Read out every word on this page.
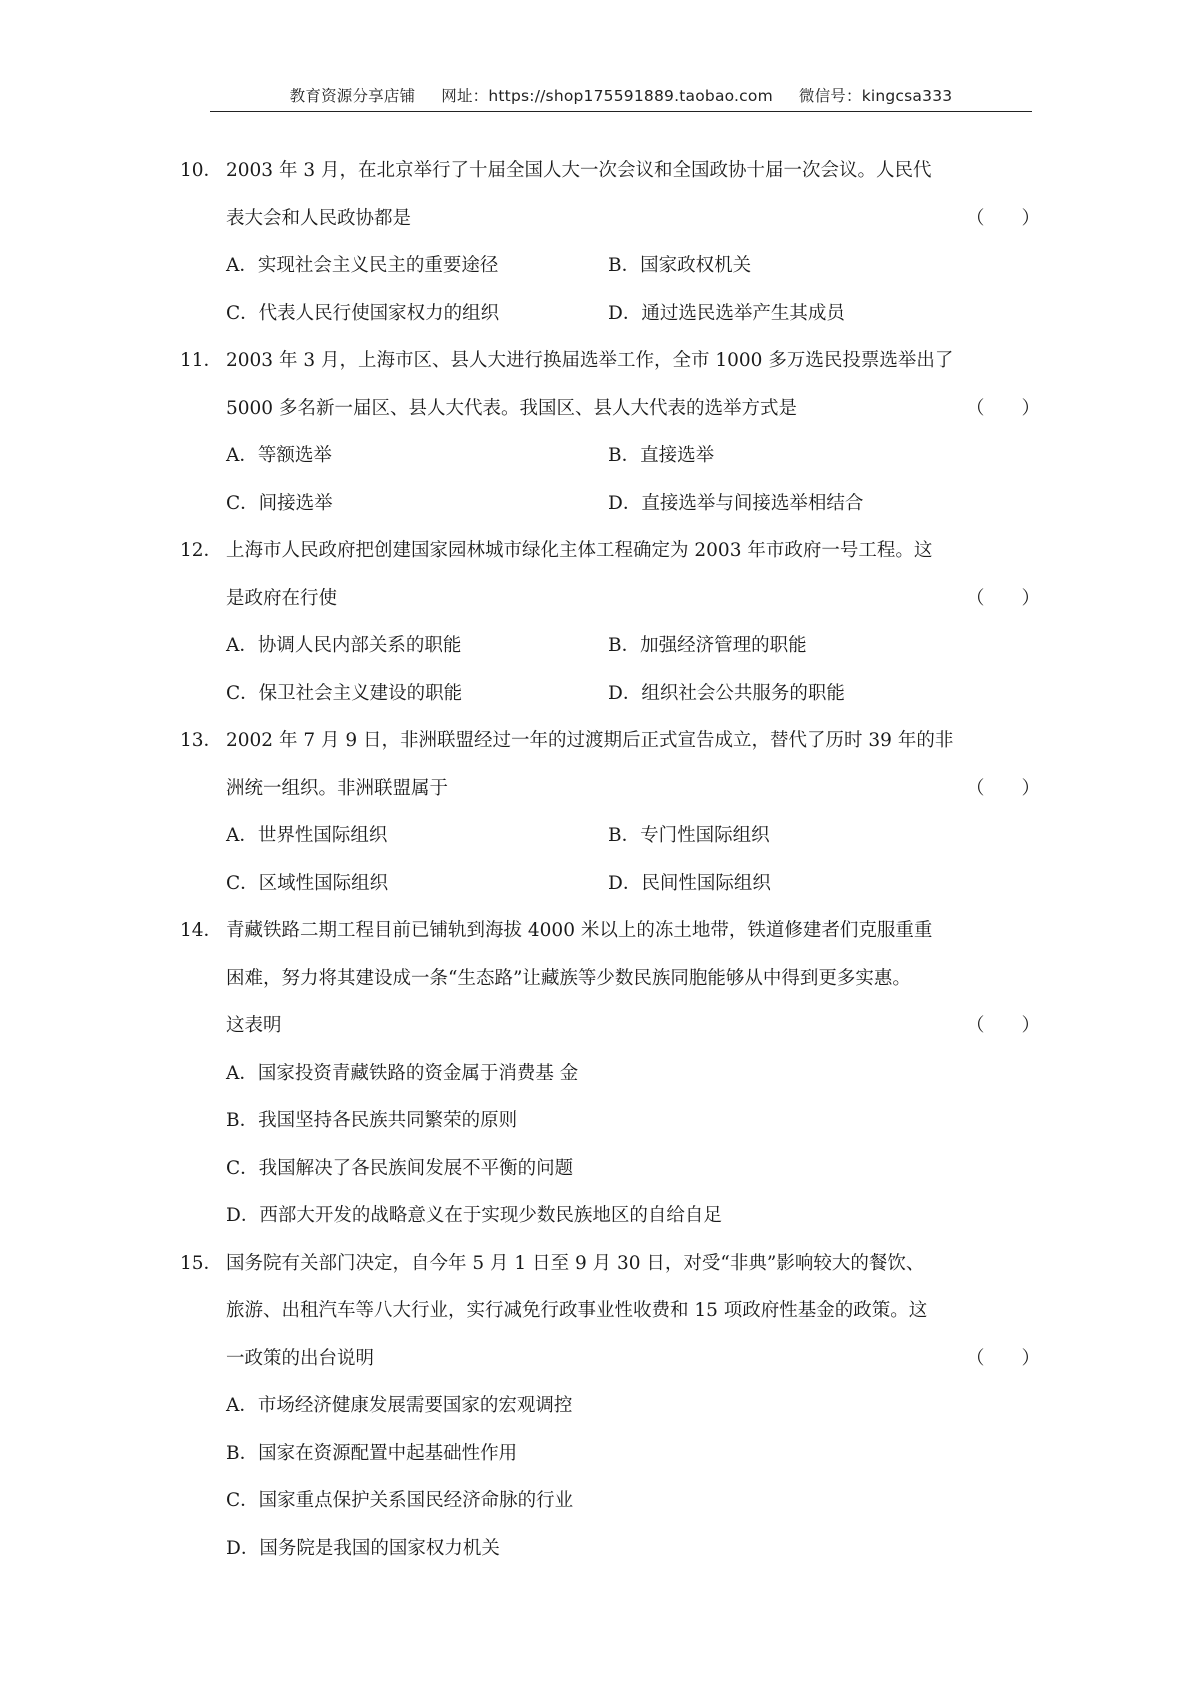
教育资源分享店铺 网址：https://shop175591889.taobao.com 微信号：kingcsa333
10． 2003 年 3 月，在北京举行了十届全国人大一次会议和全国政协十届一次会议。人民代
表大会和人民政协都是	（　　）
A．实现社会主义民主的重要途径	B．国家政权机关
C．代表人民行使国家权力的组织	D．通过选民选举产生其成员
11． 2003 年 3 月，上海市区、县人大进行换届选举工作，全市 1000 多万选民投票选举出了
5000 多名新一届区、县人大代表。我国区、县人大代表的选举方式是	（　　）
A．等额选举	B．直接选举
C．间接选举	D．直接选举与间接选举相结合
12． 上海市人民政府把创建国家园林城市绿化主体工程确定为 2003 年市政府一号工程。这
是政府在行使	（　　）
A．协调人民内部关系的职能	B．加强经济管理的职能
C．保卫社会主义建设的职能	D．组织社会公共服务的职能
13． 2002 年 7 月 9 日，非洲联盟经过一年的过渡期后正式宣告成立，替代了历时 39 年的非
洲统一组织。非洲联盟属于	（　　）
A．世界性国际组织	B．专门性国际组织
C．区域性国际组织	D．民间性国际组织
14． 青藏铁路二期工程目前已铺轨到海拔 4000 米以上的冻土地带，铁道修建者们克服重重
困难，努力将其建设成一条“生态路”让藏族等少数民族同胞能够从中得到更多实惠。
这表明	（　　）
A．国家投资青藏铁路的资金属于消费基 金
B．我国坚持各民族共同繁荣的原则
C．我国解决了各民族间发展不平衡的问题
D．西部大开发的战略意义在于实现少数民族地区的自给自足
15． 国务院有关部门决定，自今年 5 月 1 日至 9 月 30 日，对受“非典”影响较大的餐饮、
旅游、出租汽车等八大行业，实行减免行政事业性收费和 15 项政府性基金的政策。这
一政策的出台说明	（　　）
A．市场经济健康发展需要国家的宏观调控
B．国家在资源配置中起基础性作用
C．国家重点保护关系国民经济命脉的行业
D．国务院是我国的国家权力机关
